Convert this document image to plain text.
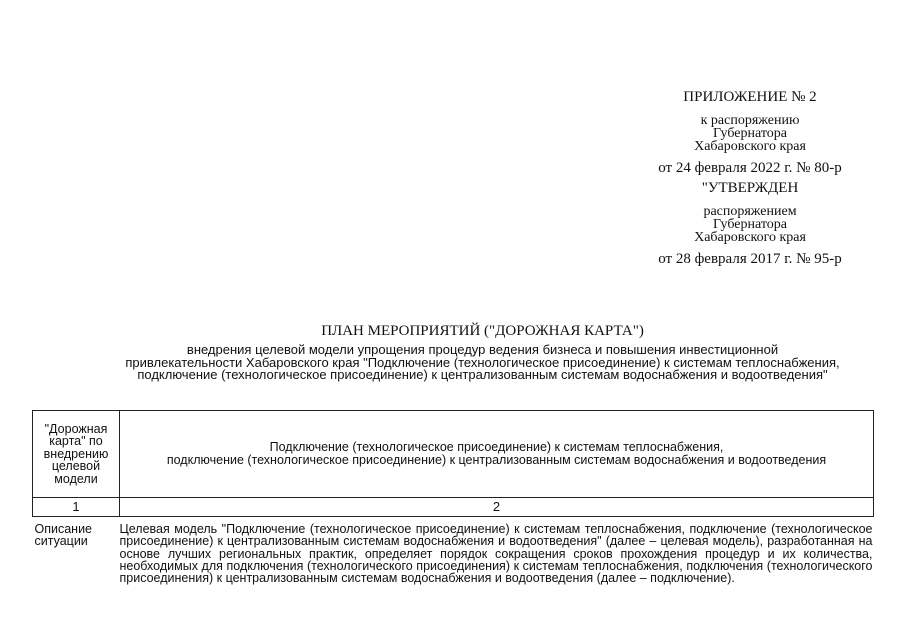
ПРИЛОЖЕНИЕ № 2

к распоряжению

Губернатора

Хабаровского края

от 24 февраля 2022 г. № 80-р

"УТВЕРЖДЕН

распоряжением

Губернатора

Хабаровского края

от 28 февраля 2017 г. № 95-р

ПЛАН МЕРОПРИЯТИЙ ("ДОРОЖНАЯ КАРТА")
внедрения целевой модели упрощения процедур ведения бизнеса и повышения инвестиционной
привлекательности Хабаровского края "Подключение (технологическое присоединение) к системам теплоснабжения,
подключение (технологическое присоединение) к централизованным системам водоснабжения и водоотведения"
"Дорожная карта" по внедрению целевой модели	Подключение (технологическое присоединение) к системам теплоснабжения,
подключение (технологическое присоединение) к централизованным системам водоснабжения и водоотведения

1	2
Описание ситуации	Целевая модель "Подключение (технологическое присоединение) к системам теплоснабжения, подключение (технологическое присоединение) к централизованным системам водоснабжения и водоотведения" (далее – целевая модель), разработанная на основе лучших региональных практик, определяет порядок сокращения сроков прохождения процедур и их количества, необходимых для подключения (технологического присоединения) к системам теплоснабжения, подключения (технологического присоединения) к централизованным системам водоснабжения и водоотведения (далее – подключение).
